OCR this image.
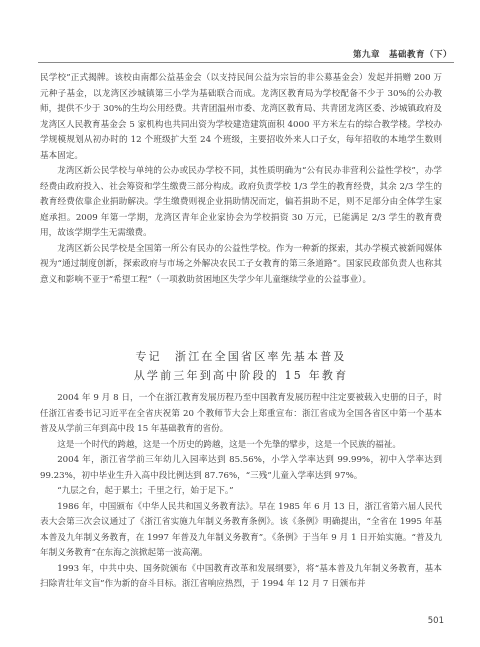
第九章　基础教育（下）

民学校”正式揭牌。该校由南都公益基金会（以支持民间公益为宗旨的非公募基金会）发起并捐赠 200 万元种子基金，以龙湾区沙城镇第三小学为基础联合而成。龙湾区教育局为学校配备不少于 30%的公办教师，提供不少于 30%的生均公用经费。共青团温州市委、龙湾区教育局、共青团龙湾区委、沙城镇政府及龙湾区人民教育基金会 5 家机构也共同出资为学校建造建筑面积 4000 平方米左右的综合教学楼。学校办学规模规划从初办时的 12 个班级扩大至 24 个班级，主要招收外来人口子女，每年招收的本地学生数则基本固定。

龙湾区新公民学校与单纯的公办或民办学校不同，其性质明确为“公有民办非营利公益性学校”，办学经费由政府投入、社会筹资和学生缴费三部分构成。政府负责学校 1/3 学生的教育经费，其余 2/3 学生的教育经费依靠企业捐助解决。学生缴费则视企业捐助情况而定，偏若捐助不足，则不足部分由全体学生家庭承担。2009 年第一学期，龙湾区青年企业家协会为学校捐资 30 万元，已能满足 2/3 学生的教育费用，故该学期学生无需缴费。

龙湾区新公民学校是全国第一所公有民办的公益性学校。作为一种新的探索，其办学模式被新闻媒体视为“通过制度创新，探索政府与市场之外解决农民工子女教育的第三条道路”。国家民政部负责人也称其意义和影响不亚于“希望工程”（一项救助贫困地区失学少年儿童继续学业的公益事业）。

专记　浙江在全国省区率先基本普及
从学前三年到高中阶段的 15 年教育

2004 年 9 月 8 日，一个在浙江教育发展历程乃至中国教育发展历程中注定要被载入史册的日子，时任浙江省委书记习近平在全省庆祝第 20 个教师节大会上郑重宣布：浙江省成为全国各省区中第一个基本普及从学前三年到高中段 15 年基础教育的省份。

这是一个时代的跨越，这是一个历史的跨越，这是一个先挚的擘步，这是一个民族的福祉。

2004 年，浙江省学前三年幼儿入园率达到 85.56%，小学入学率达到 99.99%，初中入学率达到 99.23%，初中毕业生升入高中段比例达到 87.76%，“三残”儿童入学率达到 97%。

“九层之台，起于累土；千里之行，始于足下。”

1986 年，中国颁布《中华人民共和国义务教育法》。早在 1985 年 6 月 13 日，浙江省第六届人民代表大会第三次会议通过了《浙江省实施九年制义务教育条例》。该《条例》明确提出，“全省在 1995 年基本普及九年制义务教育，在 1997 年普及九年制义务教育”。《条例》于当年 9 月 1 日开始实施。“普及九年制义务教育”在东海之滨掀起第一波高潮。

1993 年，中共中央、国务院颁布《中国教育改革和发展纲要》，将“基本普及九年制义务教育，基本扫除青壮年文盲”作为新的奋斗目标。浙江省响应热烈，于 1994 年 12 月 7 日颁布并

501
